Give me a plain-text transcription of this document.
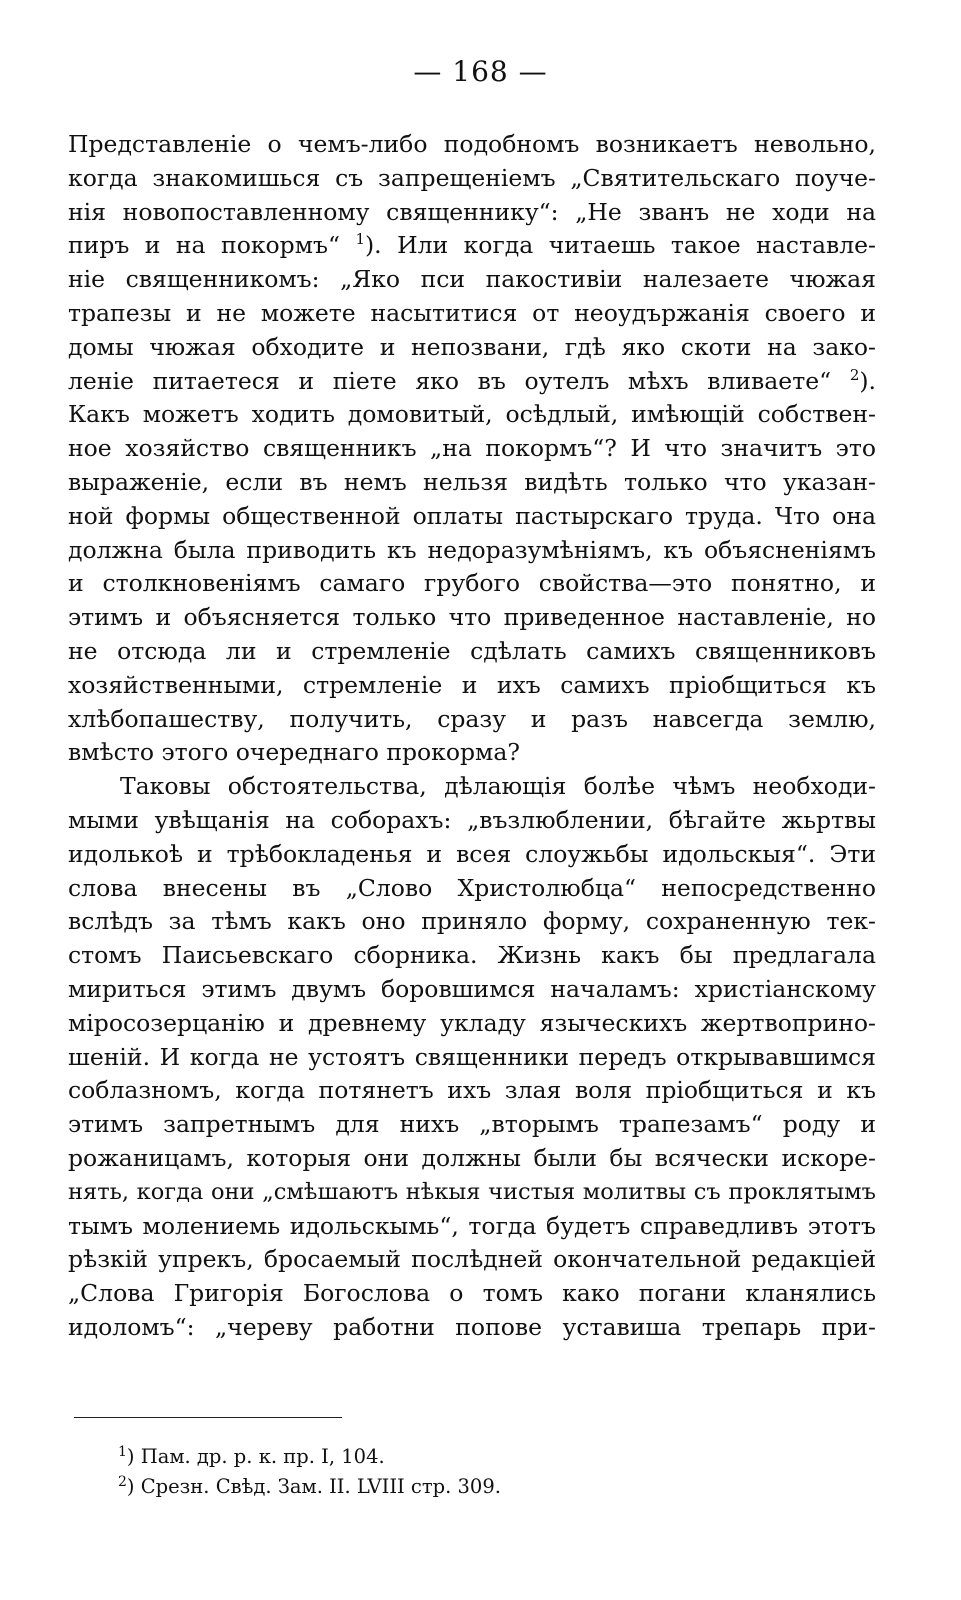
— 168 —
Представленіе о чемъ-либо подобномъ возникаетъ невольно,
когда знакомишься съ запрещеніемъ „Святительскаго поуче-
нія новопоставленному священнику“: „Не званъ не ходи на
пиръ и на покормъ“ $^1$). Или когда читаешь такое наставле-
ніе священникомъ: „Яко пси пакостивіи налезаете чюжая
трапезы и не можете насытитися от неоудържанія своего и
домы чюжая обходите и непозвани, гдѣ яко скоти на зако-
леніе питаетеся и піете яко въ оутелъ мѣхъ вливаете“ $^2$).
Какъ можетъ ходить домовитый, осѣдлый, имѣющій собствен-
ное хозяйство священникъ „на покормъ“? И что значитъ это
выраженіе, если въ немъ нельзя видѣть только что указан-
ной формы общественной оплаты пастырскаго труда. Что она
должна была приводить къ недоразумѣніямъ, къ объясненіямъ
и столкновеніямъ самаго грубого свойства—это понятно, и
этимъ и объясняется только что приведенное наставленіе, но
не отсюда ли и стремленіе сдѣлать самихъ священниковъ
хозяйственными, стремленіе и ихъ самихъ пріобщиться къ
хлѣбопашеству, получить, сразу и разъ навсегда землю,
вмѣсто этого очереднаго прокорма?
Таковы обстоятельства, дѣлающія болѣе чѣмъ необходи-
мыми увѣщанія на соборахъ: „възлюблении, бѣгайте жьртвы
идолькоѣ и трѣбокладенья и всея слоужьбы идольскыя“. Эти
слова внесены въ „Слово Христолюбца“ непосредственно
вслѣдъ за тѣмъ какъ оно приняло форму, сохраненную тек-
стомъ Паисьевскаго сборника. Жизнь какъ бы предлагала
мириться этимъ двумъ боровшимся началамъ: христіанскому
міросозерцанію и древнему укладу языческихъ жертвоприно-
шеній. И когда не устоятъ священники передъ открывавшимся
соблазномъ, когда потянетъ ихъ злая воля пріобщиться и къ
этимъ запретнымъ для нихъ „вторымъ трапезамъ“ роду и
рожаницамъ, которыя они должны были бы всячески искоре-
нять, когда они „смѣшаютъ нѣкыя чистыя молитвы съ проклятымъ
тымъ молениемь идольскымь“, тогда будетъ справедливъ этотъ
рѣзкій упрекъ, бросаемый послѣдней окончательной редакціей
„Слова Григорія Богослова о томъ како погани кланялись
идоломъ“: „череву работни попове уставиша трепарь при-
$^1$) Пам. др. р. к. пр. I, 104.
$^2$) Срезн. Свѣд. Зам. II. LVIII стр. 309.
